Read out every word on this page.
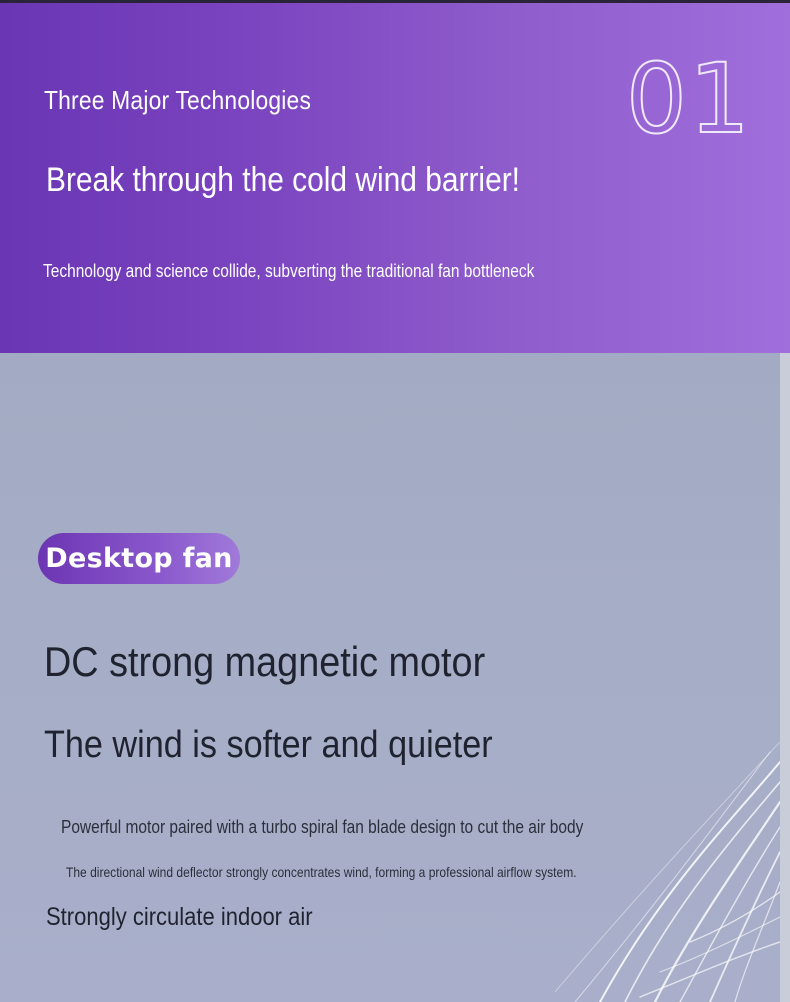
01
Three Major Technologies
Break through the cold wind barrier!
Technology and science collide, subverting the traditional fan bottleneck
Desktop fan
DC strong magnetic motor
The wind is softer and quieter
Powerful motor paired with a turbo spiral fan blade design to cut the air body
The directional wind deflector strongly concentrates wind, forming a professional airflow system.
Strongly circulate indoor air
